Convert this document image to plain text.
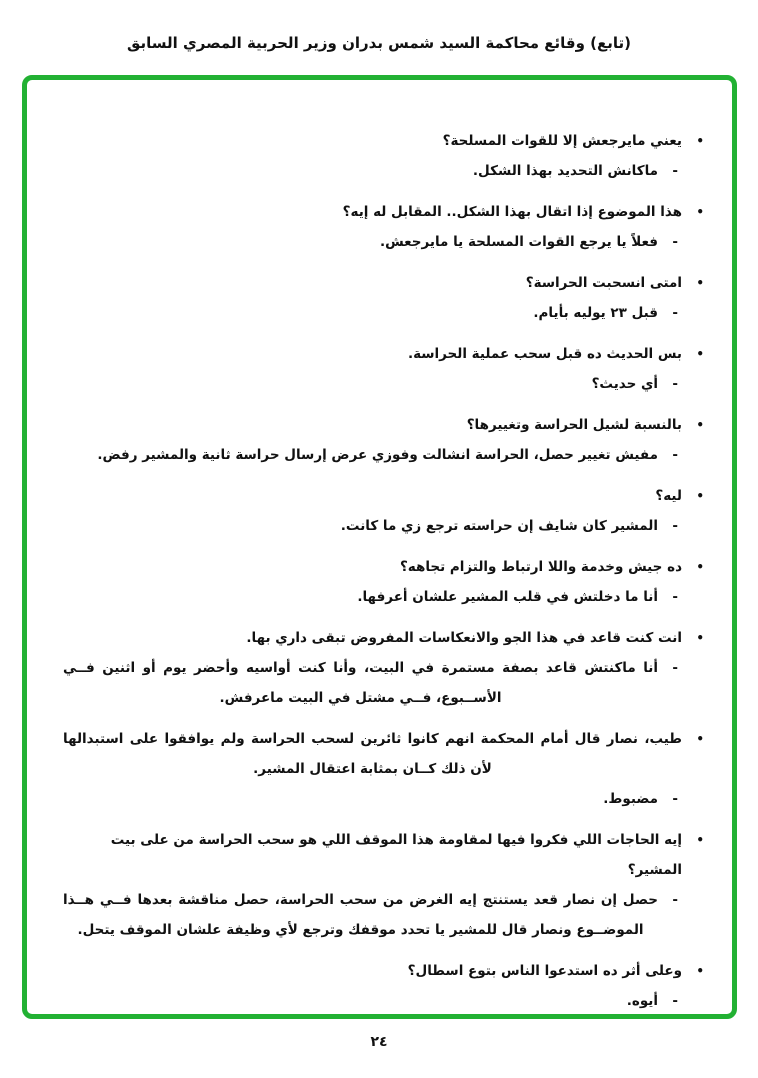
(تابع) وقائع محاكمة السيد شمس بدران وزير الحربية المصري السابق
•
يعني مايرجعش إلا للقوات المسلحة؟
-
ماكانش التحديد بهذا الشكل.
•
هذا الموضوع إذا اتقال بهذا الشكل.. المقابل له إيه؟
-
فعلاً يا يرجع القوات المسلحة يا مايرجعش.
•
امتى انسحبت الحراسة؟
-
قبل ٢٣ يوليه بأيام.
•
بس الحديث ده قبل سحب عملية الحراسة.
-
أي حديث؟
•
بالنسبة لشيل الحراسة وتغييرها؟
-
مفيش تغيير حصل، الحراسة انشالت وفوزي عرض إرسال حراسة ثانية والمشير رفض.
•
ليه؟
-
المشير كان شايف إن حراسته ترجع زي ما كانت.
•
ده جيش وخدمة واللا ارتباط والتزام تجاهه؟
-
أنا ما دخلتش في قلب المشير علشان أعرفها.
•
انت كنت قاعد في هذا الجو والانعكاسات المفروض تبقى داري بها.
-
أنا ماكنتش قاعد بصفة مستمرة في البيت، وأنا كنت أواسيه وأحضر يوم أو اثنين فــي الأســبوع، فــي مشتل في البيت ماعرفش.
•
طيب، نصار قال أمام المحكمة انهم كانوا ثائرين لسحب الحراسة ولم يوافقوا على استبدالها لأن ذلك كــان بمثابة اعتقال المشير.
-
مضبوط.
•
إيه الحاجات اللي فكروا فيها لمقاومة هذا الموقف اللي هو سحب الحراسة من على بيت المشير؟
-
حصل إن نصار قعد يستنتج إيه الغرض من سحب الحراسة، حصل مناقشة بعدها فــي هــذا الموضــوع ونصار قال للمشير يا تحدد موقفك وترجع لأي وظيفة علشان الموقف يتحل.
•
وعلى أثر ده استدعوا الناس بتوع اسطال؟
-
أيوه.
٢٤
